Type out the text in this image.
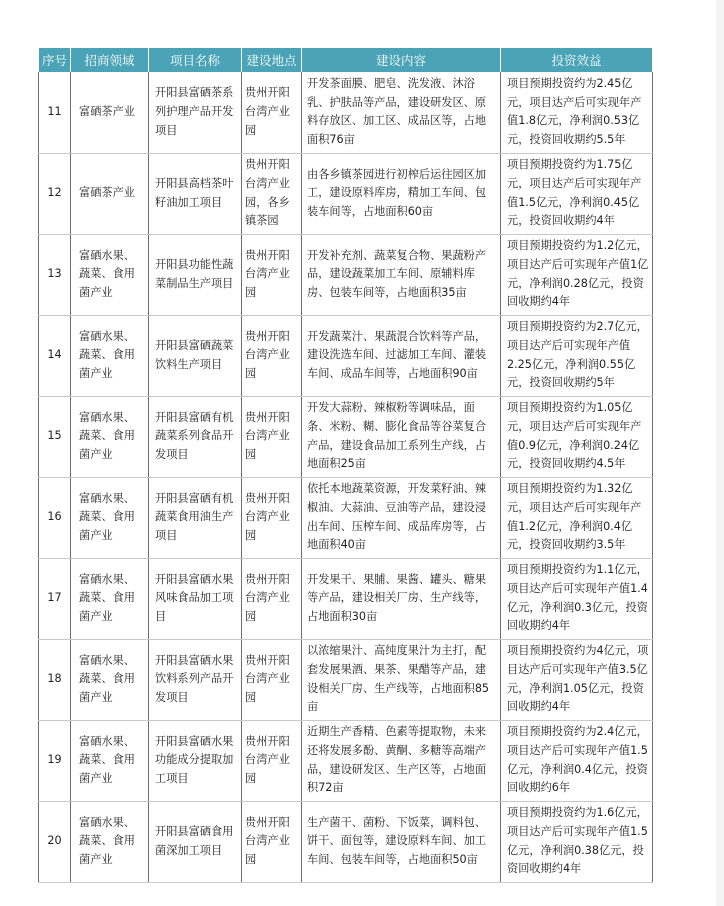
序号	招商领域	项目名称	建设地点	建设内容	投资效益
11	富硒茶产业	开阳县富硒茶系列护理产品开发项目	贵州开阳台湾产业园	开发茶面膜、肥皂、洗发液、沐浴乳、护肤品等产品，建设研发区、原料存放区、加工区、成品区等，占地面积76亩	项目预期投资约为2.45亿元，项目达产后可实现年产值1.8亿元，净利润0.53亿元，投资回收期约5.5年
12	富硒茶产业	开阳县高档茶叶籽油加工项目	贵州开阳台湾产业园，各乡镇茶园	由各乡镇茶园进行初榨后运往园区加工，建设原料库房，精加工车间、包装车间等，占地面积60亩	项目预期投资约为1.75亿元，项目达产后可实现年产值1.5亿元，净利润0.45亿元，投资回收期约4年
13	富硒水果、蔬菜、食用菌产业	开阳县功能性蔬菜制品生产项目	贵州开阳台湾产业园	开发补充剂、蔬菜复合物、果蔬粉产品，建设蔬菜加工车间、原辅料库房、包装车间等，占地面积35亩	项目预期投资约为1.2亿元，项目达产后可实现年产值1亿元，净利润0.28亿元，投资回收期约4年
14	富硒水果、蔬菜、食用菌产业	开阳县富硒蔬菜饮料生产项目	贵州开阳台湾产业园	开发蔬菜汁、果蔬混合饮料等产品，建设洗选车间、过滤加工车间、灌装车间、成品车间等，占地面积90亩	项目预期投资约为2.7亿元，项目达产后可实现年产值2.25亿元，净利润0.55亿元，投资回收期约5年
15	富硒水果、蔬菜、食用菌产业	开阳县富硒有机蔬菜系列食品开发项目	贵州开阳台湾产业园	开发大蒜粉、辣椒粉等调味品，面条、米粉、糊、膨化食品等谷菜复合产品，建设食品加工系列生产线，占地面积25亩	项目预期投资约为1.05亿元，项目达产后可实现年产值0.9亿元，净利润0.24亿元，投资回收期约4.5年
16	富硒水果、蔬菜、食用菌产业	开阳县富硒有机蔬菜食用油生产项目	贵州开阳台湾产业园	依托本地蔬菜资源，开发菜籽油、辣椒油、大蒜油、豆油等产品，建设浸出车间、压榨车间、成品库房等，占地面积40亩	项目预期投资约为1.32亿元，项目达产后可实现年产值1.2亿元，净利润0.4亿元，投资回收期约3.5年
17	富硒水果、蔬菜、食用菌产业	开阳县富硒水果风味食品加工项目	贵州开阳台湾产业园	开发果干、果脯、果酱、罐头、糖果等产品，建设相关厂房、生产线等，占地面积30亩	项目预期投资约为1.1亿元，项目达产后可实现年产值1.4亿元，净利润0.3亿元，投资回收期约4年
18	富硒水果、蔬菜、食用菌产业	开阳县富硒水果饮料系列产品开发项目	贵州开阳台湾产业园	以浓缩果汁、高纯度果汁为主打，配套发展果酒、果茶、果醋等产品，建设相关厂房、生产线等，占地面积85亩	项目预期投资约为4亿元，项目达产后可实现年产值3.5亿元，净利润1.05亿元，投资回收期约4年
19	富硒水果、蔬菜、食用菌产业	开阳县富硒水果功能成分提取加工项目	贵州开阳台湾产业园	近期生产香精、色素等提取物，未来还将发展多酚、黄酮、多糖等高端产品，建设研发区、生产区等，占地面积72亩	项目预期投资约为2.4亿元，项目达产后可实现年产值1.5亿元，净利润0.4亿元，投资回收期约6年
20	富硒水果、蔬菜、食用菌产业	开阳县富硒食用菌深加工项目	贵州开阳台湾产业园	生产菌干、菌粉、下饭菜，调料包、饼干、面包等，建设原料车间、加工车间、包装车间等，占地面积50亩	项目预期投资约为1.6亿元，项目达产后可实现年产值1.5亿元，净利润0.38亿元，投资回收期约4年
